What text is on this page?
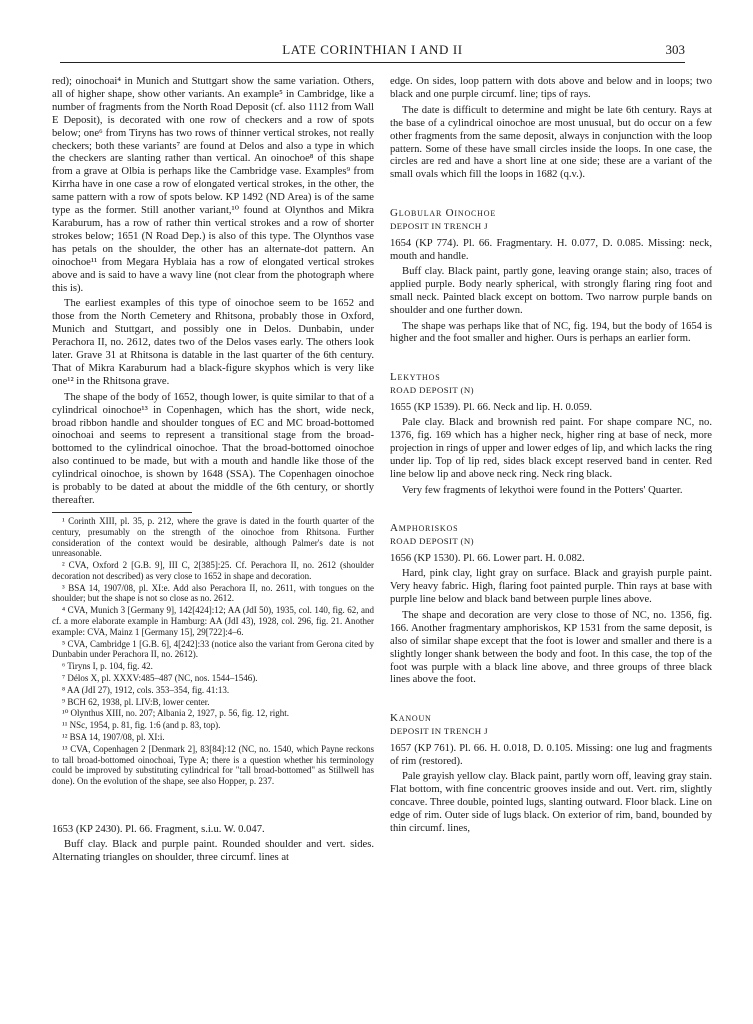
LATE CORINTHIAN I AND II	303

red); oinochoai⁴ in Munich and Stuttgart show the same variation. Others, all of higher shape, show other variants. An example⁵ in Cambridge, like a number of fragments from the North Road Deposit (cf. also 1112 from Wall E Deposit), is decorated with one row of checkers and a row of spots below; one⁶ from Tiryns has two rows of thinner vertical strokes, not really checkers; both these variants⁷ are found at Delos and also a type in which the checkers are slanting rather than vertical. An oinochoe⁸ of this shape from a grave at Olbia is perhaps like the Cambridge vase. Examples⁹ from Kirrha have in one case a row of elongated vertical strokes, in the other, the same pattern with a row of spots below. KP 1492 (ND Area) is of the same type as the former. Still another variant,¹⁰ found at Olynthos and Mikra Karaburum, has a row of rather thin vertical strokes and a row of shorter strokes below; 1651 (N Road Dep.) is also of this type. The Olynthos vase has petals on the shoulder, the other has an alternate-dot pattern. An oinochoe¹¹ from Megara Hyblaia has a row of elongated vertical strokes above and is said to have a wavy line (not clear from the photograph where this is).

The earliest examples of this type of oinochoe seem to be 1652 and those from the North Cemetery and Rhitsona, probably those in Oxford, Munich and Stuttgart, and possibly one in Delos. Dunbabin, under Perachora II, no. 2612, dates two of the Delos vases early. The others look later. Grave 31 at Rhitsona is datable in the last quarter of the 6th century. That of Mikra Karaburum had a black-figure skyphos which is very like one¹² in the Rhitsona grave.

The shape of the body of 1652, though lower, is quite similar to that of a cylindrical oinochoe¹³ in Copenhagen, which has the short, wide neck, broad ribbon handle and shoulder tongues of EC and MC broad-bottomed oinochoai and seems to represent a transitional stage from the broad-bottomed to the cylindrical oinochoe. That the broad-bottomed oinochoe also continued to be made, but with a mouth and handle like those of the cylindrical oinochoe, is shown by 1648 (SSA). The Copenhagen oinochoe is probably to be dated at about the middle of the 6th century, or shortly thereafter.

¹ Corinth XIII, pl. 35, p. 212, where the grave is dated in the fourth quarter of the century, presumably on the strength of the oinochoe from Rhitsona. Further consideration of the context would be desirable, although Palmer's date is not unreasonable.

² CVA, Oxford 2 [G.B. 9], III C, 2[385]:25. Cf. Perachora II, no. 2612 (shoulder decoration not described) as very close to 1652 in shape and decoration.

³ BSA 14, 1907/08, pl. XI:e. Add also Perachora II, no. 2611, with tongues on the shoulder; but the shape is not so close as no. 2612.

⁴ CVA, Munich 3 [Germany 9], 142[424]:12; AA (JdI 50), 1935, col. 140, fig. 62, and cf. a more elaborate example in Hamburg: AA (JdI 43), 1928, col. 296, fig. 21. Another example: CVA, Mainz 1 [Germany 15], 29[722]:4–6.

⁵ CVA, Cambridge 1 [G.B. 6], 4[242]:33 (notice also the variant from Gerona cited by Dunbabin under Perachora II, no. 2612).

⁶ Tiryns I, p. 104, fig. 42.

⁷ Délos X, pl. XXXV:485–487 (NC, nos. 1544–1546).

⁸ AA (JdI 27), 1912, cols. 353–354, fig. 41:13.

⁹ BCH 62, 1938, pl. LIV:B, lower center.

¹⁰ Olynthus XIII, no. 207; Albania 2, 1927, p. 56, fig. 12, right.

¹¹ NSc, 1954, p. 81, fig. 1:6 (and p. 83, top).

¹² BSA 14, 1907/08, pl. XI:i.

¹³ CVA, Copenhagen 2 [Denmark 2], 83[84]:12 (NC, no. 1540, which Payne reckons to tall broad-bottomed oinochoai, Type A; there is a question whether his terminology could be improved by substituting cylindrical for "tall broad-bottomed" as Stillwell has done). On the evolution of the shape, see also Hopper, p. 237.

1653 (KP 2430). Pl. 66. Fragment, s.i.u. W. 0.047.

Buff clay. Black and purple paint. Rounded shoulder and vert. sides. Alternating triangles on shoulder, three circumf. lines at

edge. On sides, loop pattern with dots above and below and in loops; two black and one purple circumf. line; tips of rays.

The date is difficult to determine and might be late 6th century. Rays at the base of a cylindrical oinochoe are most unusual, but do occur on a few other fragments from the same deposit, always in conjunction with the loop pattern. Some of these have small circles inside the loops. In one case, the circles are red and have a short line at one side; these are a variant of the small ovals which fill the loops in 1682 (q.v.).

Globular Oinochoe

DEPOSIT IN TRENCH J

1654 (KP 774). Pl. 66. Fragmentary. H. 0.077, D. 0.085. Missing: neck, mouth and handle.

Buff clay. Black paint, partly gone, leaving orange stain; also, traces of applied purple. Body nearly spherical, with strongly flaring ring foot and small neck. Painted black except on bottom. Two narrow purple bands on shoulder and one further down.

The shape was perhaps like that of NC, fig. 194, but the body of 1654 is higher and the foot smaller and higher. Ours is perhaps an earlier form.

Lekythos

ROAD DEPOSIT (N)

1655 (KP 1539). Pl. 66. Neck and lip. H. 0.059.

Pale clay. Black and brownish red paint. For shape compare NC, no. 1376, fig. 169 which has a higher neck, higher ring at base of neck, more projection in rings of upper and lower edges of lip, and which lacks the ring under lip. Top of lip red, sides black except reserved band in center. Red line below lip and above neck ring. Neck ring black.

Very few fragments of lekythoi were found in the Potters' Quarter.

Amphoriskos

ROAD DEPOSIT (N)

1656 (KP 1530). Pl. 66. Lower part. H. 0.082.

Hard, pink clay, light gray on surface. Black and grayish purple paint. Very heavy fabric. High, flaring foot painted purple. Thin rays at base with purple line below and black band between purple lines above.

The shape and decoration are very close to those of NC, no. 1356, fig. 166. Another fragmentary amphoriskos, KP 1531 from the same deposit, is also of similar shape except that the foot is lower and smaller and there is a slightly longer shank between the body and foot. In this case, the top of the foot was purple with a black line above, and three groups of three black lines above the foot.

Kanoun

DEPOSIT IN TRENCH J

1657 (KP 761). Pl. 66. H. 0.018, D. 0.105. Missing: one lug and fragments of rim (restored).

Pale grayish yellow clay. Black paint, partly worn off, leaving gray stain. Flat bottom, with fine concentric grooves inside and out. Vert. rim, slightly concave. Three double, pointed lugs, slanting outward. Floor black. Line on edge of rim. Outer side of lugs black. On exterior of rim, band, bounded by thin circumf. lines,
